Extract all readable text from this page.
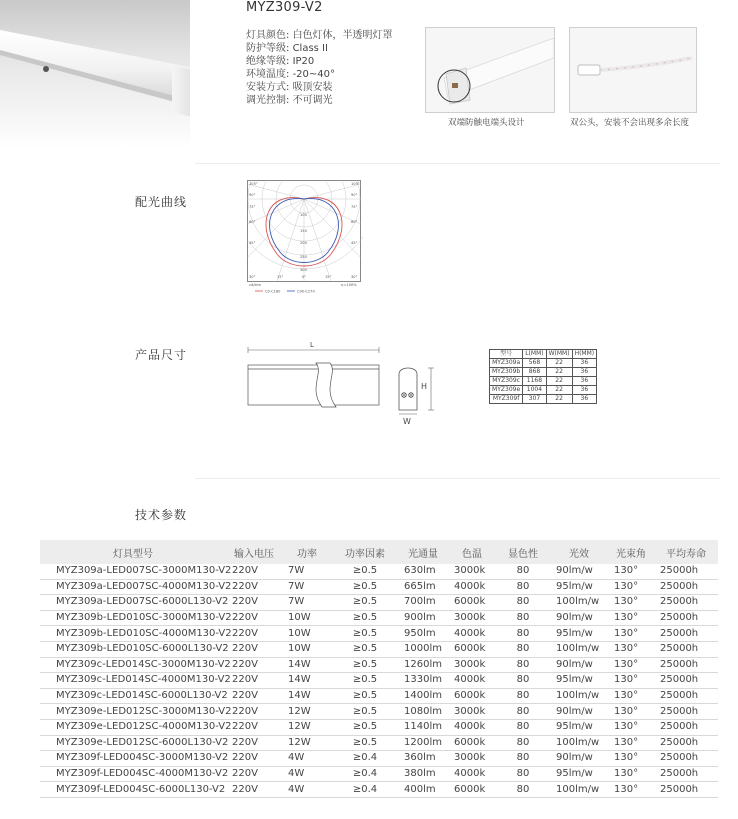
MYZ309-V2
灯具颜色: 白色灯体，半透明灯罩
防护等级: Class II
绝缘等级: IP20
环境温度: -20~40°
安装方式: 吸顶安装
调光控制: 不可调光
双端防触电端头设计	双公头，安装不会出现多余长度
配光曲线
105°
90°
75°
60°
45°
30°
105°
90°
75°
60°
45°
30°
100
150
200
250
300
15°	0°	15°
cd/klm	η=100%
C0-C180	C90-C270
产品尺寸
L
H
W
型号	L(MM)	W(MM)	H(MM)
MYZ309a	568	22	36
MYZ309b	868	22	36
MYZ309c	1168	22	36
MYZ309e	1004	22	36
MYZ309f	307	22	36
技术参数
灯具型号	输入电压	功率	功率因素	光通量	色温	显色性	光效	光束角	平均寿命
MYZ309a-LED007SC-3000M130-V2	220V	7W	≥0.5	630lm	3000k	80	90lm/w	130°	25000h
MYZ309a-LED007SC-4000M130-V2	220V	7W	≥0.5	665lm	4000k	80	95lm/w	130°	25000h
MYZ309a-LED007SC-6000L130-V2	220V	7W	≥0.5	700lm	6000k	80	100lm/w	130°	25000h
MYZ309b-LED010SC-3000M130-V2	220V	10W	≥0.5	900lm	3000k	80	90lm/w	130°	25000h
MYZ309b-LED010SC-4000M130-V2	220V	10W	≥0.5	950lm	4000k	80	95lm/w	130°	25000h
MYZ309b-LED010SC-6000L130-V2	220V	10W	≥0.5	1000lm	6000k	80	100lm/w	130°	25000h
MYZ309c-LED014SC-3000M130-V2	220V	14W	≥0.5	1260lm	3000k	80	90lm/w	130°	25000h
MYZ309c-LED014SC-4000M130-V2	220V	14W	≥0.5	1330lm	4000k	80	95lm/w	130°	25000h
MYZ309c-LED014SC-6000L130-V2	220V	14W	≥0.5	1400lm	6000k	80	100lm/w	130°	25000h
MYZ309e-LED012SC-3000M130-V2	220V	12W	≥0.5	1080lm	3000k	80	90lm/w	130°	25000h
MYZ309e-LED012SC-4000M130-V2	220V	12W	≥0.5	1140lm	4000k	80	95lm/w	130°	25000h
MYZ309e-LED012SC-6000L130-V2	220V	12W	≥0.5	1200lm	6000k	80	100lm/w	130°	25000h
MYZ309f-LED004SC-3000M130-V2	220V	4W	≥0.4	360lm	3000k	80	90lm/w	130°	25000h
MYZ309f-LED004SC-4000M130-V2	220V	4W	≥0.4	380lm	4000k	80	95lm/w	130°	25000h
MYZ309f-LED004SC-6000L130-V2	220V	4W	≥0.4	400lm	6000k	80	100lm/w	130°	25000h
